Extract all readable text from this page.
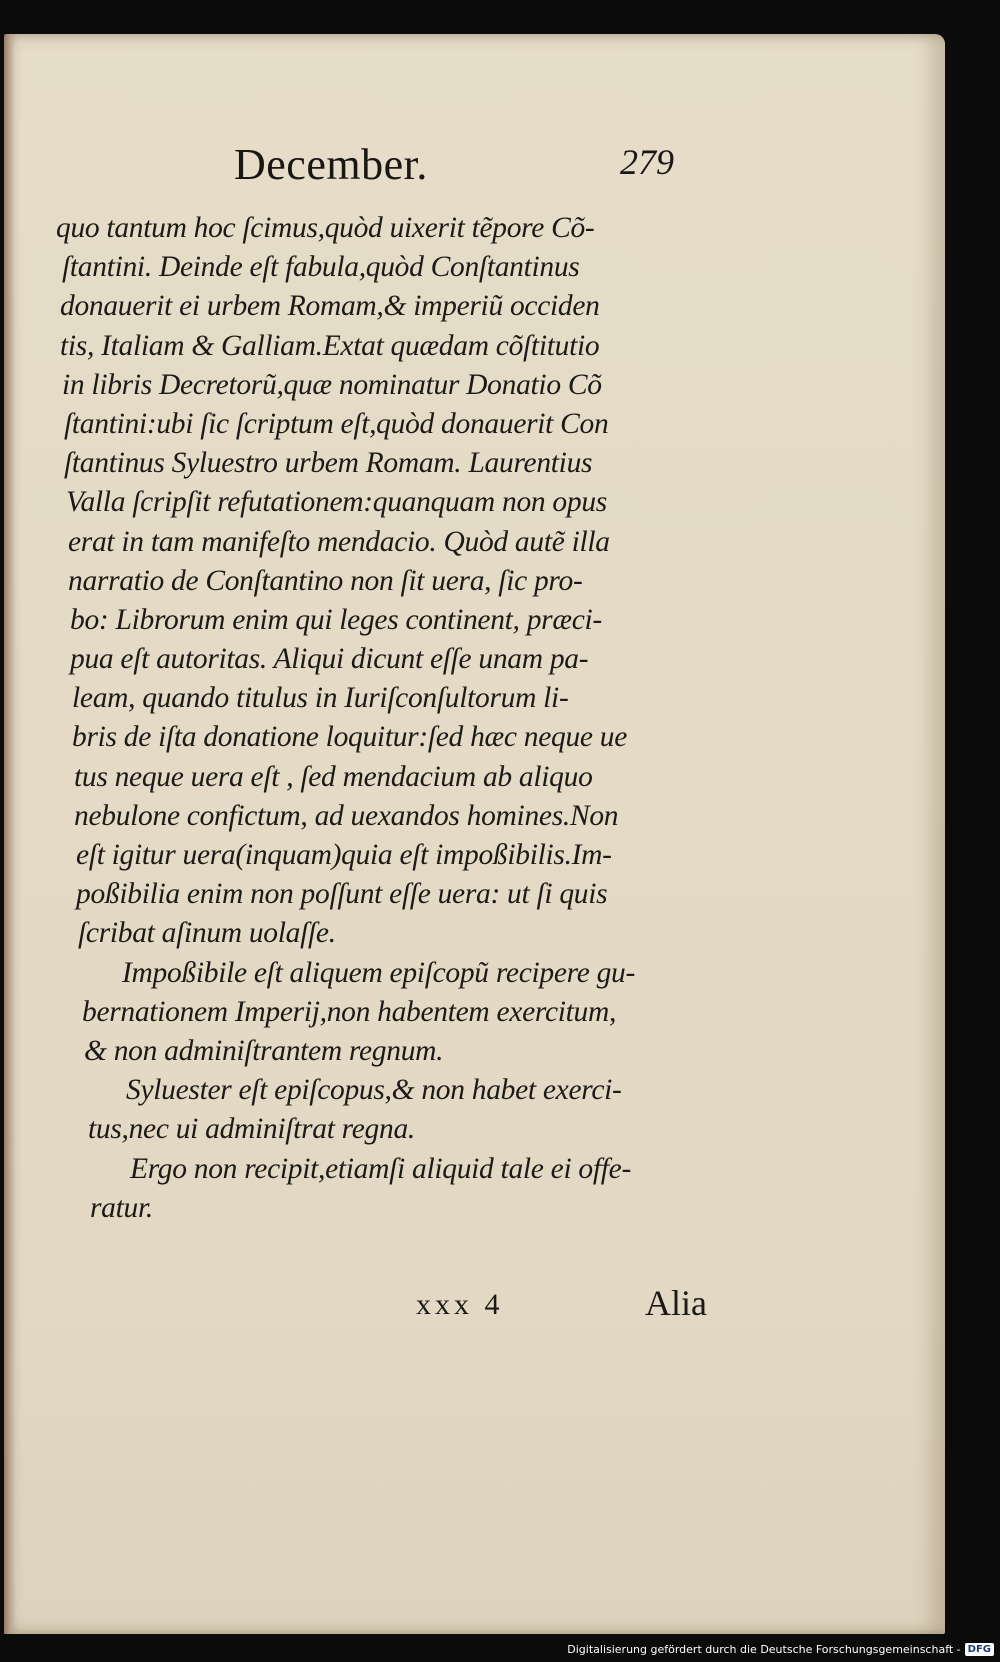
December.	279
quo tantum hoc ſcimus,quòd uixerit tẽpore Cõ-
ſtantini. Deinde eſt fabula,quòd Conſtantinus
donauerit ei urbem Romam,& imperiũ occiden
tis, Italiam & Galliam.Extat quædam cõſtitutio
in libris Decretorũ,quæ nominatur Donatio Cõ
ſtantini:ubi ſic ſcriptum eſt,quòd donauerit Con
ſtantinus Syluestro urbem Romam. Laurentius
Valla ſcripſit refutationem:quanquam non opus
erat in tam manifeſto mendacio. Quòd autẽ illa
narratio de Conſtantino non ſit uera, ſic pro-
bo: Librorum enim qui leges continent, præci-
pua eſt autoritas. Aliqui dicunt eſſe unam pa-
leam, quando titulus in Iuriſconſultorum li-
bris de iſta donatione loquitur:ſed hæc neque ue
tus neque uera eſt , ſed mendacium ab aliquo
nebulone confictum, ad uexandos homines.Non
eſt igitur uera(inquam)quia eſt impoßibilis.Im-
poßibilia enim non poſſunt eſſe uera: ut ſi quis
ſcribat aſinum uolaſſe.
Impoßibile eſt aliquem epiſcopũ recipere gu-
bernationem Imperij,non habentem exercitum,
& non adminiſtrantem regnum.
Syluester eſt epiſcopus,& non habet exerci-
tus,nec ui adminiſtrat regna.
Ergo non recipit,etiamſi aliquid tale ei offe-
ratur.
xxx 4	Alia
Digitalisierung gefördert durch die Deutsche Forschungsgemeinschaft - DFG
